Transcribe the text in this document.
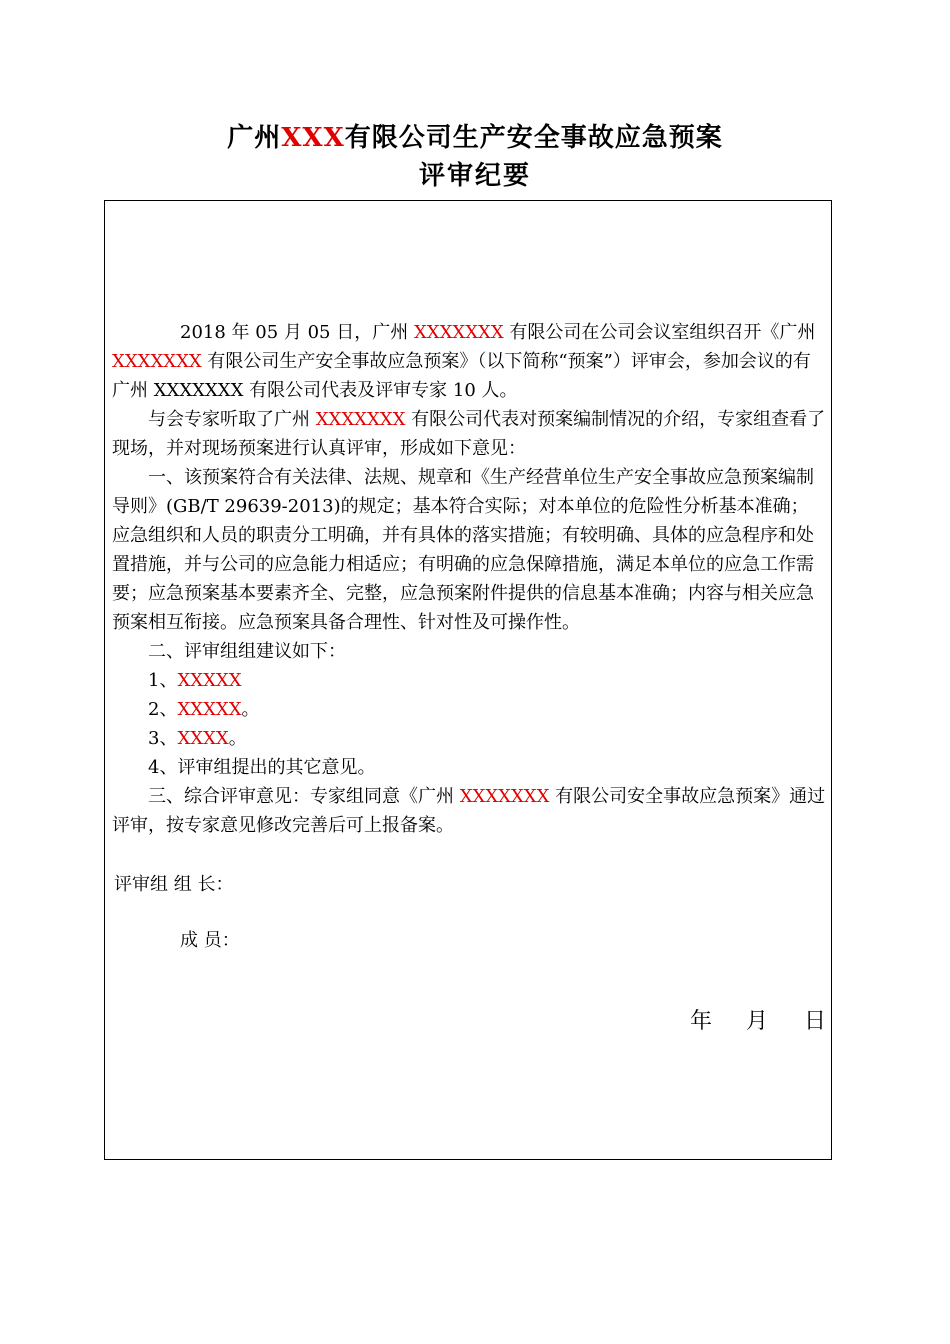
广州XXX有限公司生产安全事故应急预案
评审纪要

2018 年 05 月 05 日，广州 XXXXXXX 有限公司在公司会议室组织召开《广州 XXXXXXX 有限公司生产安全事故应急预案》（以下简称“预案”）评审会，参加会议的有广州 XXXXXXX 有限公司代表及评审专家 10 人。

与会专家听取了广州 XXXXXXX 有限公司代表对预案编制情况的介绍，专家组查看了现场，并对现场预案进行认真评审，形成如下意见：

一、该预案符合有关法律、法规、规章和《生产经营单位生产安全事故应急预案编制导则》(GB/T 29639-2013)的规定；基本符合实际；对本单位的危险性分析基本准确；应急组织和人员的职责分工明确，并有具体的落实措施；有较明确、具体的应急程序和处置措施，并与公司的应急能力相适应；有明确的应急保障措施，满足本单位的应急工作需要；应急预案基本要素齐全、完整，应急预案附件提供的信息基本准确；内容与相关应急预案相互衔接。应急预案具备合理性、针对性及可操作性。

二、评审组组建议如下：

1、XXXXX

2、XXXXX。

3、XXXX。

4、评审组提出的其它意见。

三、综合评审意见：专家组同意《广州 XXXXXXX 有限公司安全事故应急预案》通过评审，按专家意见修改完善后可上报备案。

评审组 组 长：
成 员：
年 月 日
